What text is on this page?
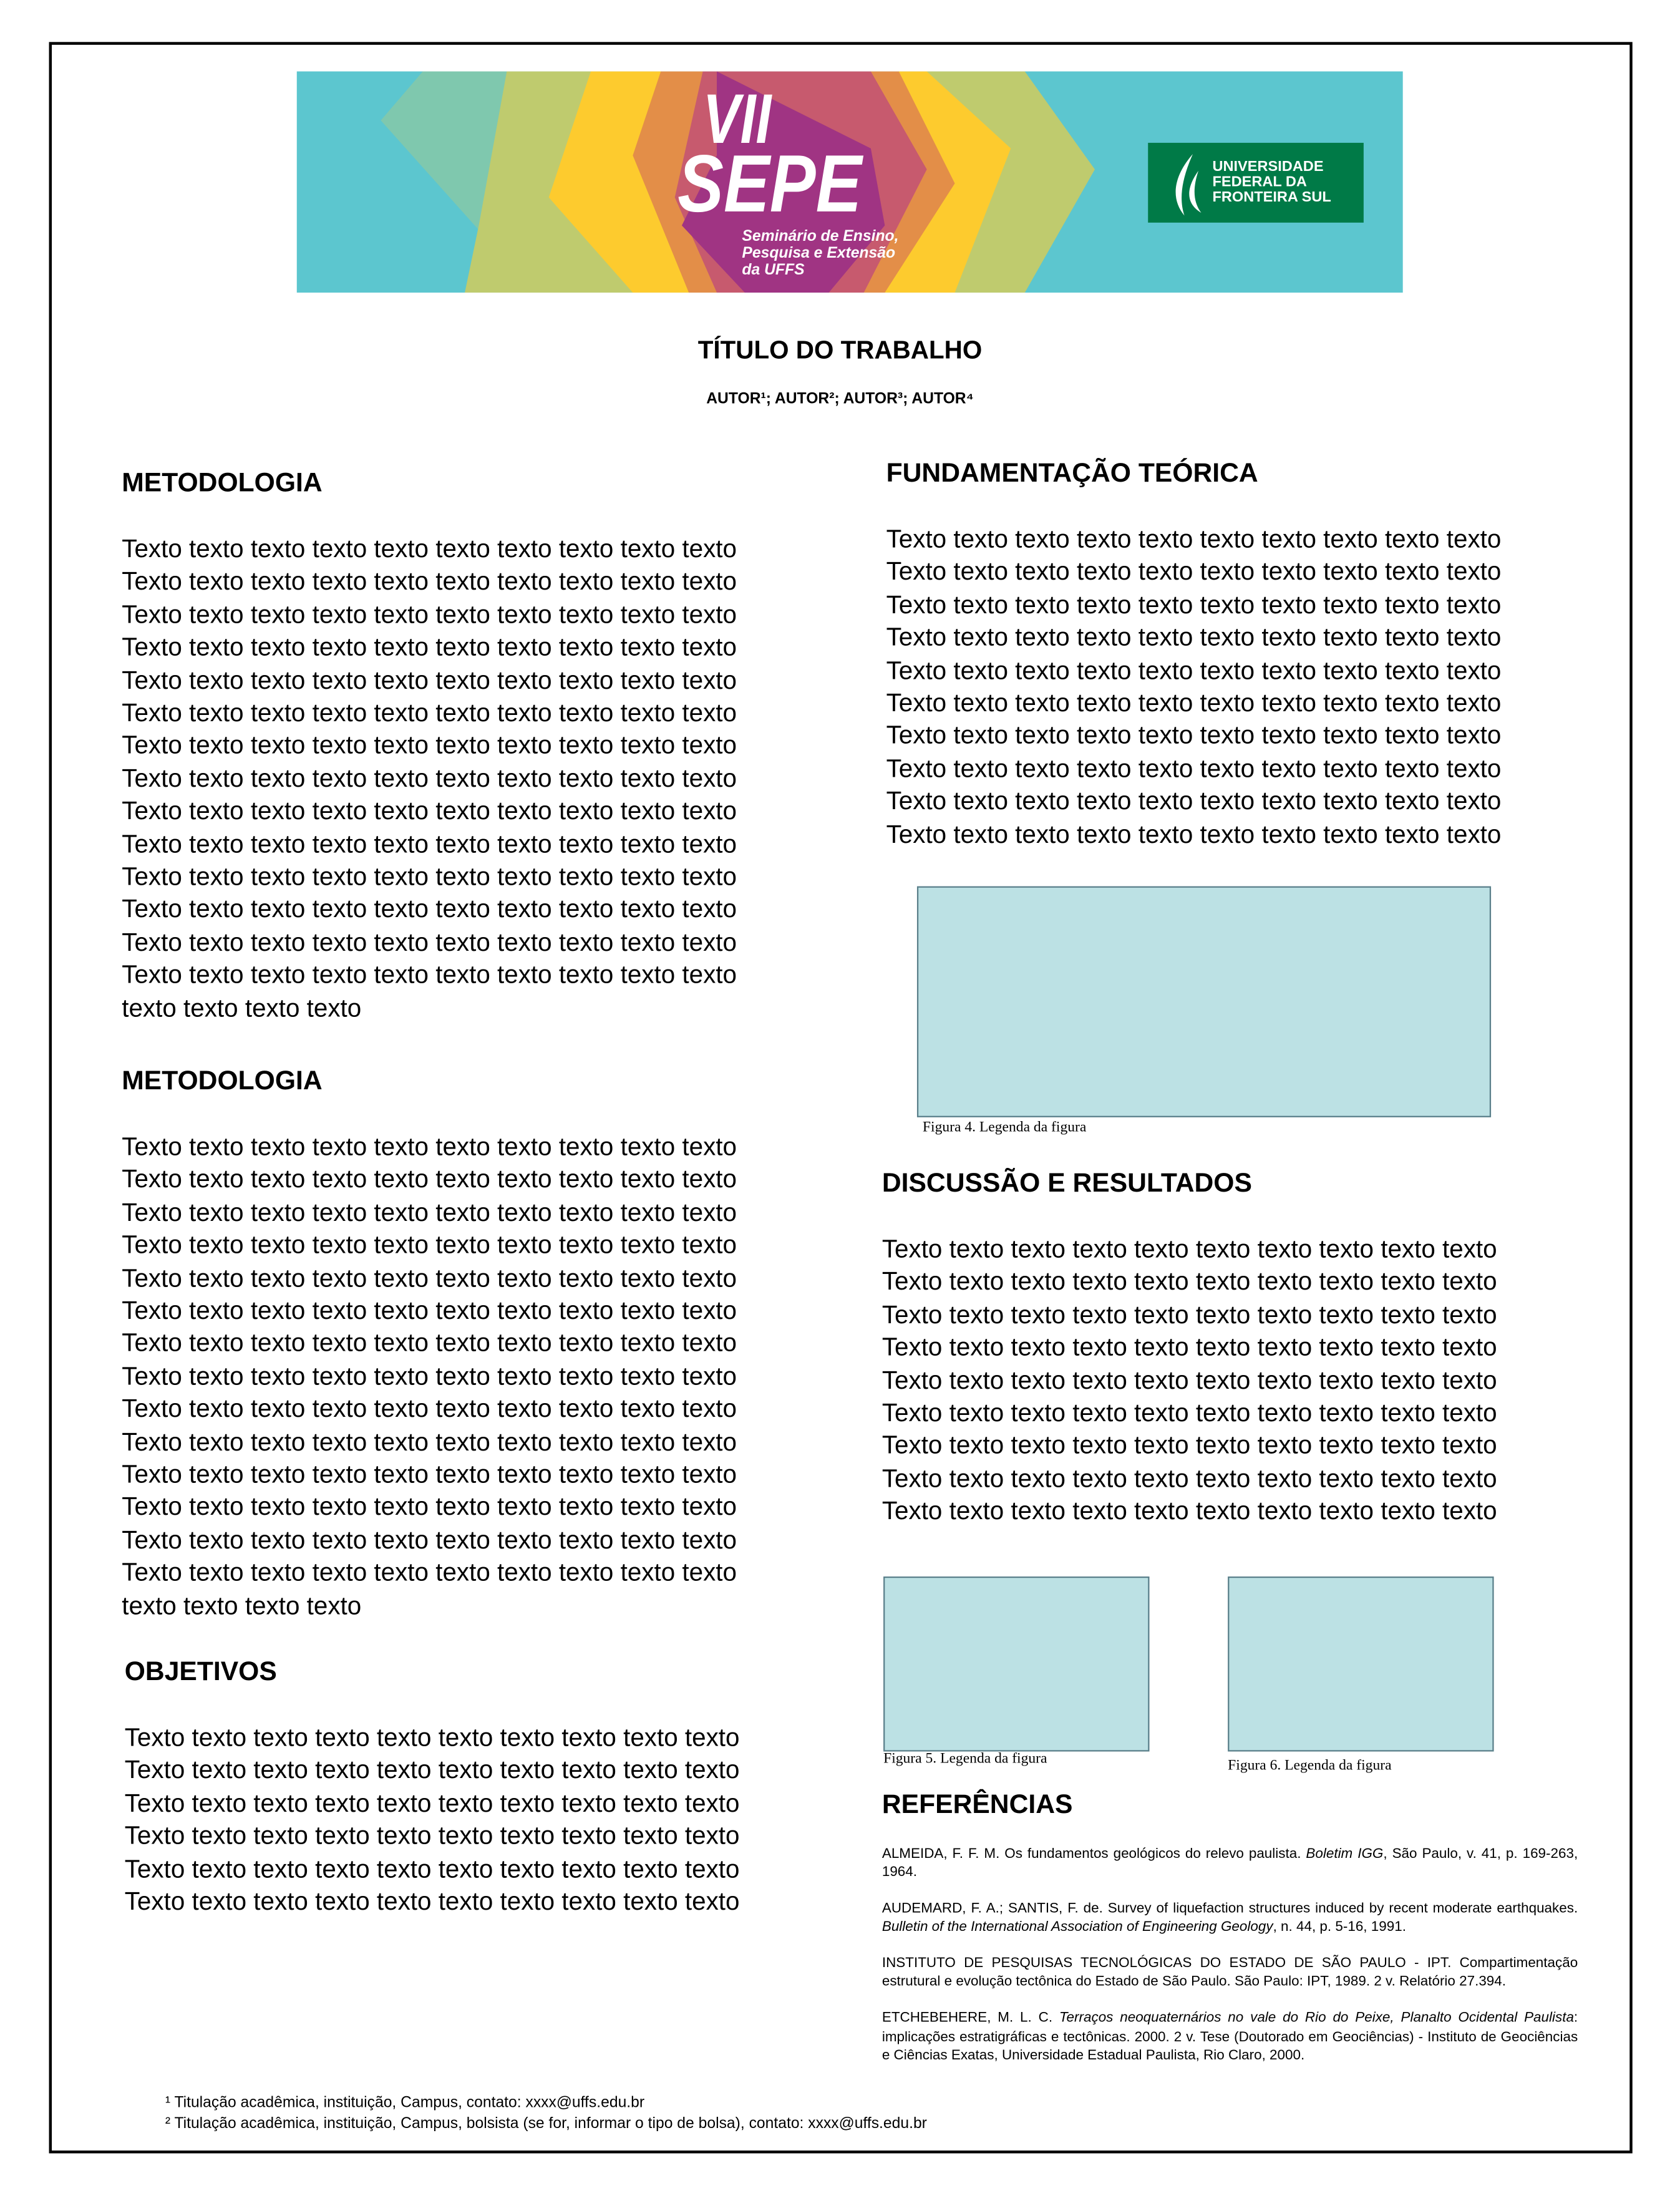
VII
SEPE
Seminário de Ensino,
Pesquisa e Extensão
da UFFS
UNIVERSIDADE
FEDERAL DA
FRONTEIRA SUL
TÍTULO DO TRABALHO
AUTOR¹; AUTOR²; AUTOR³; AUTOR⁴
METODOLOGIA
Texto texto texto texto texto texto texto texto texto texto
Texto texto texto texto texto texto texto texto texto texto
Texto texto texto texto texto texto texto texto texto texto
Texto texto texto texto texto texto texto texto texto texto
Texto texto texto texto texto texto texto texto texto texto
Texto texto texto texto texto texto texto texto texto texto
Texto texto texto texto texto texto texto texto texto texto
Texto texto texto texto texto texto texto texto texto texto
Texto texto texto texto texto texto texto texto texto texto
Texto texto texto texto texto texto texto texto texto texto
Texto texto texto texto texto texto texto texto texto texto
Texto texto texto texto texto texto texto texto texto texto
Texto texto texto texto texto texto texto texto texto texto
Texto texto texto texto texto texto texto texto texto texto
texto texto texto texto
METODOLOGIA
Texto texto texto texto texto texto texto texto texto texto
Texto texto texto texto texto texto texto texto texto texto
Texto texto texto texto texto texto texto texto texto texto
Texto texto texto texto texto texto texto texto texto texto
Texto texto texto texto texto texto texto texto texto texto
Texto texto texto texto texto texto texto texto texto texto
Texto texto texto texto texto texto texto texto texto texto
Texto texto texto texto texto texto texto texto texto texto
Texto texto texto texto texto texto texto texto texto texto
Texto texto texto texto texto texto texto texto texto texto
Texto texto texto texto texto texto texto texto texto texto
Texto texto texto texto texto texto texto texto texto texto
Texto texto texto texto texto texto texto texto texto texto
Texto texto texto texto texto texto texto texto texto texto
texto texto texto texto
OBJETIVOS
Texto texto texto texto texto texto texto texto texto texto
Texto texto texto texto texto texto texto texto texto texto
Texto texto texto texto texto texto texto texto texto texto
Texto texto texto texto texto texto texto texto texto texto
Texto texto texto texto texto texto texto texto texto texto
Texto texto texto texto texto texto texto texto texto texto
FUNDAMENTAÇÃO TEÓRICA
Texto texto texto texto texto texto texto texto texto texto
Texto texto texto texto texto texto texto texto texto texto
Texto texto texto texto texto texto texto texto texto texto
Texto texto texto texto texto texto texto texto texto texto
Texto texto texto texto texto texto texto texto texto texto
Texto texto texto texto texto texto texto texto texto texto
Texto texto texto texto texto texto texto texto texto texto
Texto texto texto texto texto texto texto texto texto texto
Texto texto texto texto texto texto texto texto texto texto
Texto texto texto texto texto texto texto texto texto texto
Figura 4. Legenda da figura
DISCUSSÃO E RESULTADOS
Texto texto texto texto texto texto texto texto texto texto
Texto texto texto texto texto texto texto texto texto texto
Texto texto texto texto texto texto texto texto texto texto
Texto texto texto texto texto texto texto texto texto texto
Texto texto texto texto texto texto texto texto texto texto
Texto texto texto texto texto texto texto texto texto texto
Texto texto texto texto texto texto texto texto texto texto
Texto texto texto texto texto texto texto texto texto texto
Texto texto texto texto texto texto texto texto texto texto
Figura 5. Legenda da figura	Figura 6. Legenda da figura
REFERÊNCIAS

ALMEIDA, F. F. M. Os fundamentos geológicos do relevo paulista. Boletim IGG, São Paulo, v. 41, p. 169-263, 1964.

AUDEMARD, F. A.; SANTIS, F. de. Survey of liquefaction structures induced by recent moderate earthquakes. Bulletin of the International Association of Engineering Geology, n. 44, p. 5-16, 1991.

INSTITUTO DE PESQUISAS TECNOLÓGICAS DO ESTADO DE SÃO PAULO - IPT. Compartimentação estrutural e evolução tectônica do Estado de São Paulo. São Paulo: IPT, 1989. 2 v. Relatório 27.394.

ETCHEBEHERE, M. L. C. Terraços neoquaternários no vale do Rio do Peixe, Planalto Ocidental Paulista: implicações estratigráficas e tectônicas. 2000. 2 v. Tese (Doutorado em Geociências) - Instituto de Geociências e Ciências Exatas, Universidade Estadual Paulista, Rio Claro, 2000.

¹ Titulação acadêmica, instituição, Campus, contato: xxxx@uffs.edu.br
² Titulação acadêmica, instituição, Campus, bolsista (se for, informar o tipo de bolsa), contato: xxxx@uffs.edu.br
